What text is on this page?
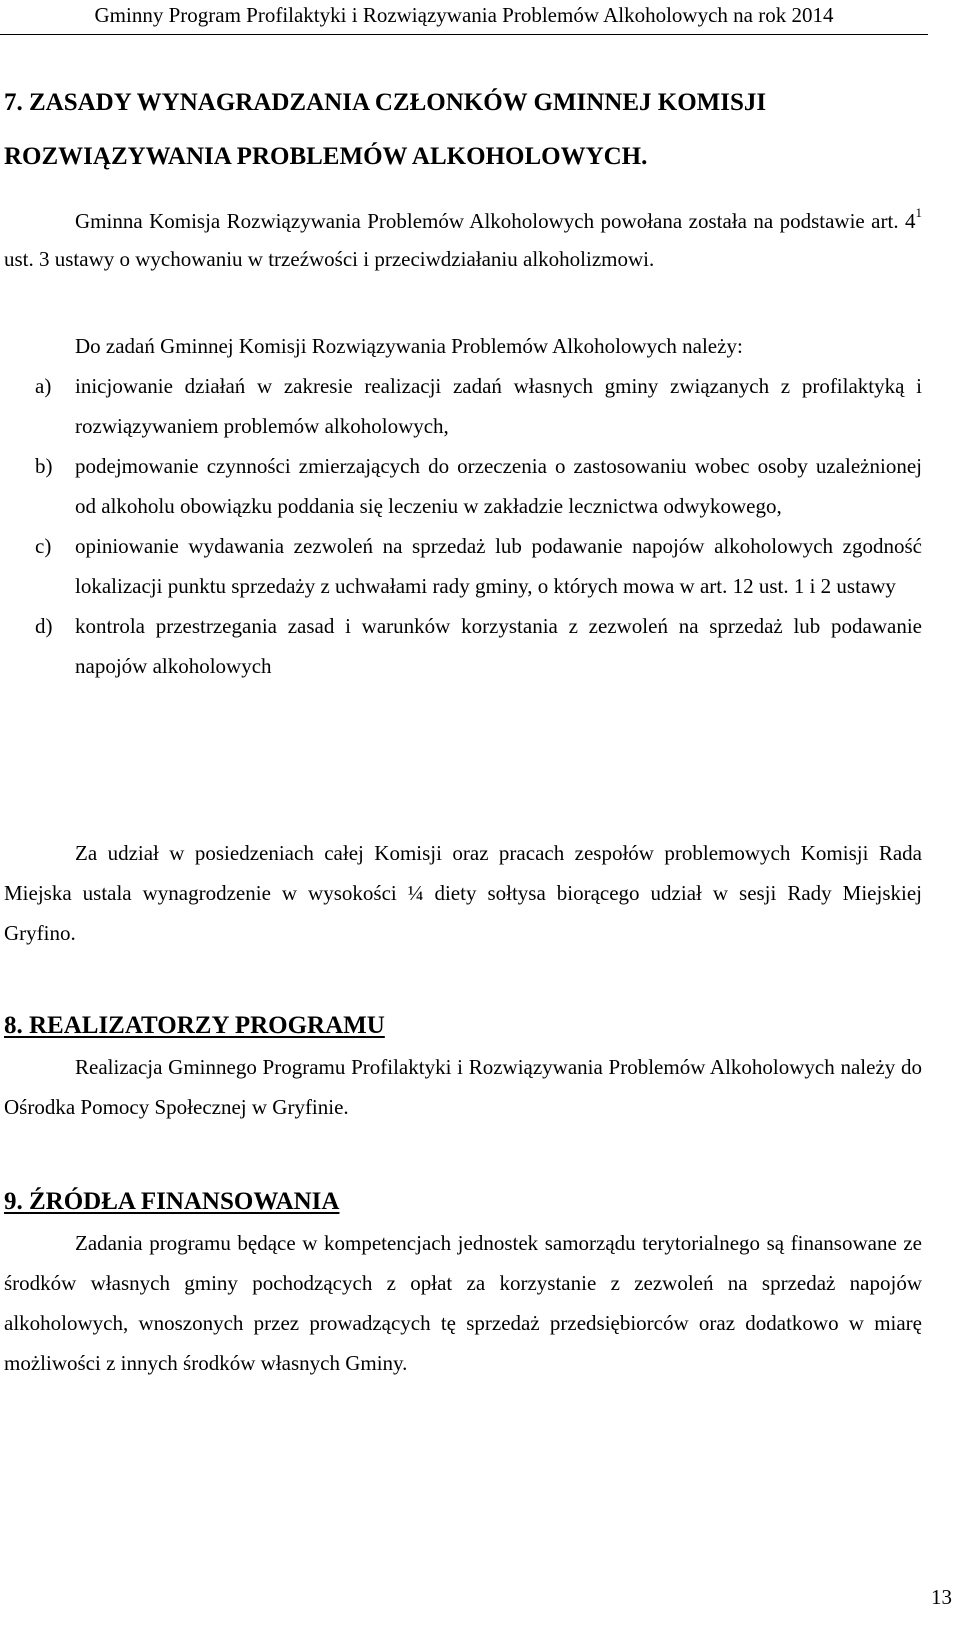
Gminny Program Profilaktyki i Rozwiązywania Problemów Alkoholowych na rok 2014

7. ZASADY WYNAGRADZANIA CZŁONKÓW GMINNEJ KOMISJI ROZWIĄZYWANIA PROBLEMÓW ALKOHOLOWYCH.

Gminna Komisja Rozwiązywania Problemów Alkoholowych powołana została na podstawie art. $4^1$ ust. 3 ustawy o wychowaniu w trzeźwości i przeciwdziałaniu alkoholizmowi.

Do zadań Gminnej Komisji Rozwiązywania Problemów Alkoholowych należy:

a) inicjowanie działań w zakresie realizacji zadań własnych gminy związanych z profilaktyką i rozwiązywaniem problemów alkoholowych,
b) podejmowanie czynności zmierzających do orzeczenia o zastosowaniu wobec osoby uzależnionej od alkoholu obowiązku poddania się leczeniu w zakładzie lecznictwa odwykowego,
c) opiniowanie wydawania zezwoleń na sprzedaż lub podawanie napojów alkoholowych zgodność lokalizacji punktu sprzedaży z uchwałami rady gminy, o których mowa w art. 12 ust. 1 i 2 ustawy
d) kontrola przestrzegania zasad i warunków korzystania z zezwoleń na sprzedaż lub podawanie napojów alkoholowych

Za udział w posiedzeniach całej Komisji oraz pracach zespołów problemowych Komisji Rada Miejska ustala wynagrodzenie w wysokości ¼ diety sołtysa biorącego udział w sesji Rady Miejskiej Gryfino.

8. REALIZATORZY PROGRAMU

Realizacja Gminnego Programu Profilaktyki i Rozwiązywania Problemów Alkoholowych należy do Ośrodka Pomocy Społecznej w Gryfinie.

9. ŹRÓDŁA FINANSOWANIA

Zadania programu będące w kompetencjach jednostek samorządu terytorialnego są finansowane ze środków własnych gminy pochodzących z opłat za korzystanie z zezwoleń na sprzedaż napojów alkoholowych, wnoszonych przez prowadzących tę sprzedaż przedsiębiorców oraz dodatkowo w miarę możliwości z innych środków własnych Gminy.

13
